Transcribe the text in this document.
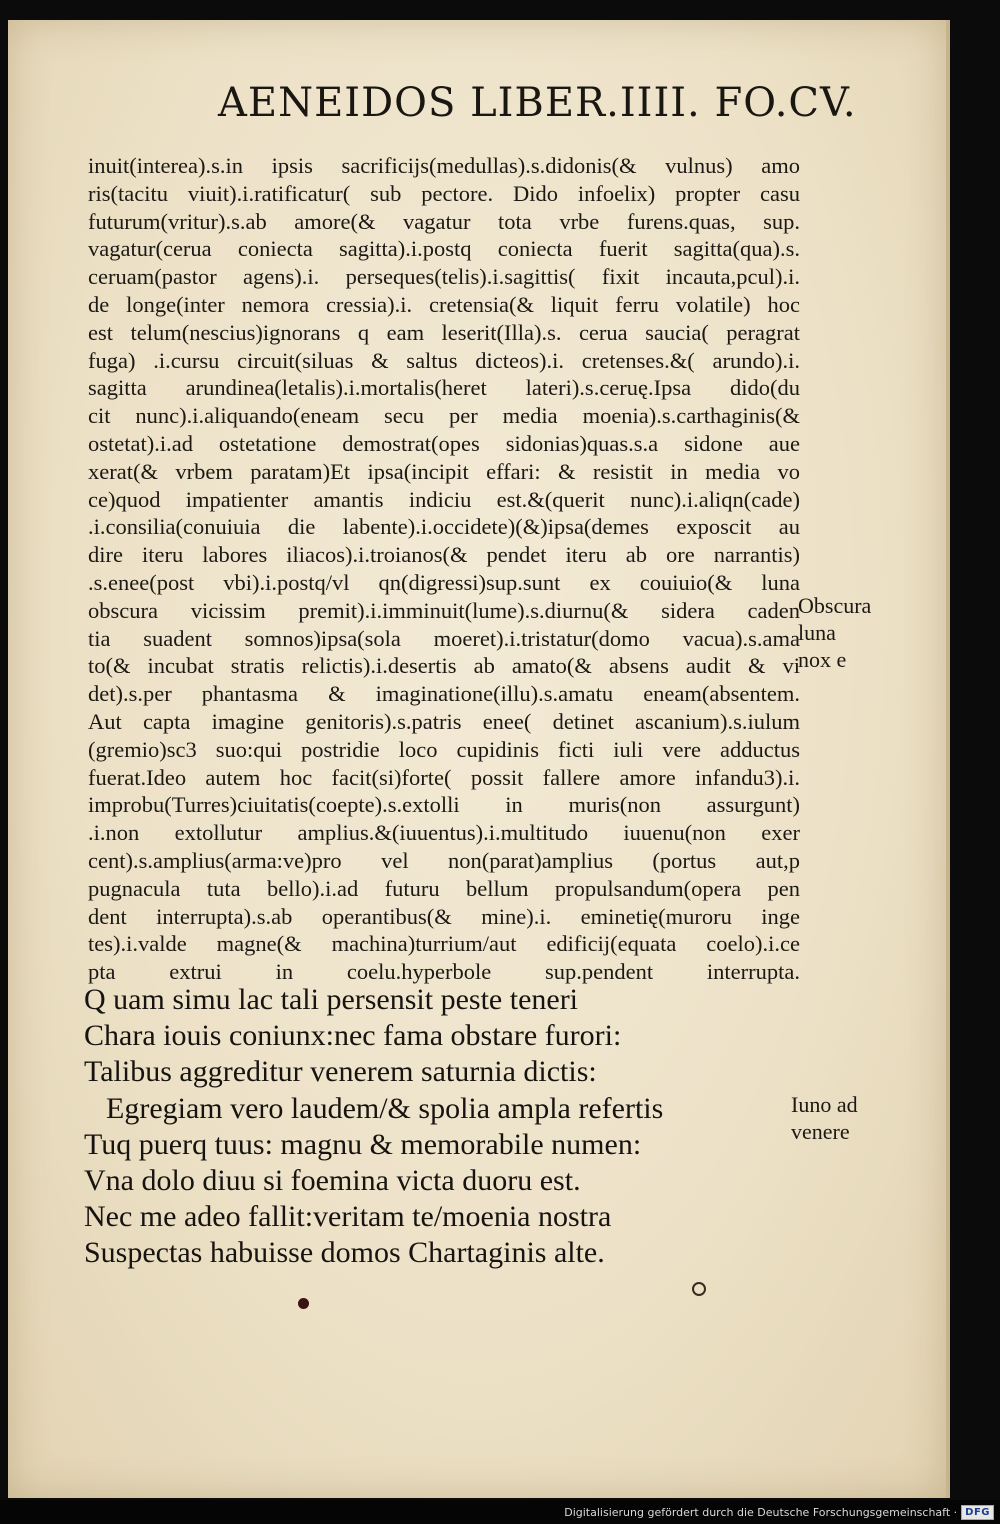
AENEIDOS LIBER.IIII. FO.CV.
inuit(interea).s.in ipsis sacrificijs(medullas).s.didonis(& vulnus) amo
ris(tacitu viuit).i.ratificatur( sub pectore. Dido infoelix) propter casu
futurum(vritur).s.ab amore(& vagatur tota vrbe furens.quas, sup.
vagatur(cerua coniecta sagitta).i.postq coniecta fuerit sagitta(qua).s.
ceruam(pastor agens).i. perseques(telis).i.sagittis( fixit incauta,pcul).i.
de longe(inter nemora cressia).i. cretensia(& liquit ferru volatile) hoc
est telum(nescius)ignorans q eam leserit(Illa).s. cerua saucia( peragrat
fuga) .i.cursu circuit(siluas & saltus dicteos).i. cretenses.&( arundo).i.
sagitta arundinea(letalis).i.mortalis(heret lateri).s.ceruę.Ipsa dido(du
cit nunc).i.aliquando(eneam secu per media moenia).s.carthaginis(&
ostetat).i.ad ostetatione demostrat(opes sidonias)quas.s.a sidone aue
xerat(& vrbem paratam)Et ipsa(incipit effari: & resistit in media vo
ce)quod impatienter amantis indiciu est.&(querit nunc).i.aliqn(cade)
.i.consilia(conuiuia die labente).i.occidete)(&)ipsa(demes exposcit au
dire iteru labores iliacos).i.troianos(& pendet iteru ab ore narrantis)
.s.enee(post vbi).i.postq/vl qn(digressi)sup.sunt ex couiuio(& luna
obscura vicissim premit).i.imminuit(lume).s.diurnu(& sidera caden
tia suadent somnos)ipsa(sola moeret).i.tristatur(domo vacua).s.ama
to(& incubat stratis relictis).i.desertis ab amato(& absens audit & vi
det).s.per phantasma & imaginatione(illu).s.amatu eneam(absentem.
Aut capta imagine genitoris).s.patris enee( detinet ascanium).s.iulum
(gremio)sc3 suo:qui postridie loco cupidinis ficti iuli vere adductus
fuerat.Ideo autem hoc facit(si)forte( possit fallere amore infandu3).i.
improbu(Turres)ciuitatis(coepte).s.extolli in muris(non assurgunt)
.i.non extollutur amplius.&(iuuentus).i.multitudo iuuenu(non exer
cent).s.amplius(arma:ve)pro vel non(parat)amplius (portus aut,p
pugnacula tuta bello).i.ad futuru bellum propulsandum(opera pen
dent interrupta).s.ab operantibus(& mine).i. eminetię(muroru inge
tes).i.valde magne(& machina)turrium/aut edificij(equata coelo).i.ce
pta extrui in coelu.hyperbole sup.pendent interrupta.
Q uam simu lac tali persensit peste teneri
Chara iouis coniunx:nec fama obstare furori:
Talibus aggreditur venerem saturnia dictis:
Egregiam vero laudem/& spolia ampla refertis
Tuq puerq tuus: magnu & memorabile numen:
Vna dolo diuu si foemina victa duoru est.
Nec me adeo fallit:veritam te/moenia nostra
Suspectas habuisse domos Chartaginis alte.
Obscura
luna
nox e
Iuno ad
venere
Digitalisierung gefördert durch die Deutsche Forschungsgemeinschaft · DFG
